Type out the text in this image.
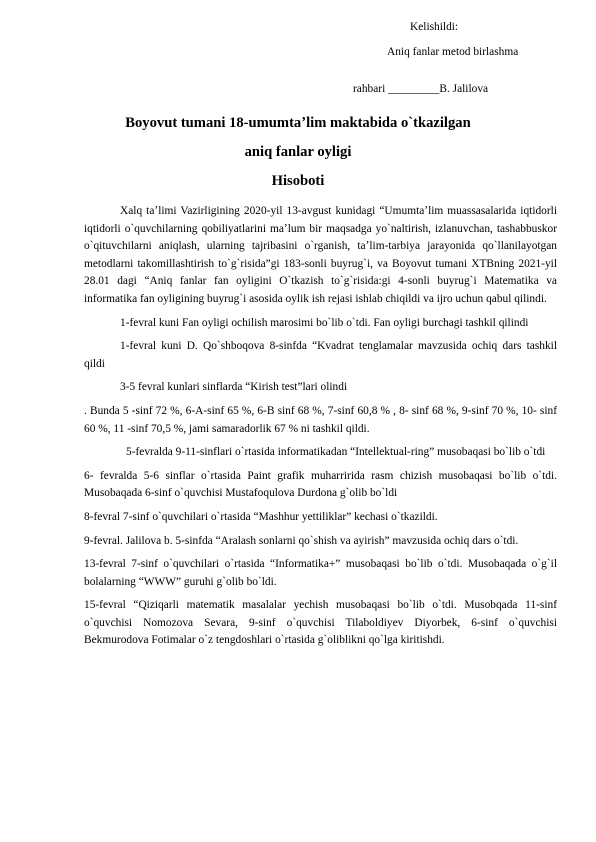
Kelishildi:
Aniq fanlar metod birlashma
rahbari _________B. Jalilova
Boyovut tumani 18-umumtaʼlim maktabida o`tkazilgan
aniq fanlar oyligi
Hisoboti

Xalq taʼlimi Vazirligining 2020-yil 13-avgust kunidagi “Umumtaʼlim muassasalarida iqtidorli iqtidorli o`quvchilarning qobiliyatlarini maʼlum bir maqsadga yo`naltirish, izlanuvchan, tashabbuskor o`qituvchilarni aniqlash, ularning tajribasini o`rganish, taʼlim-tarbiya jarayonida qo`llanilayotgan metodlarni takomillashtirish to`g`risida”gi 183-sonli buyrug`i, va Boyovut tumani XTBning 2021-yil 28.01 dagi “Aniq fanlar fan oyligini O`tkazish to`g`risida:gi 4-sonli buyrug`i Matematika va informatika fan oyligining buyrug`i asosida oylik ish rejasi ishlab chiqildi va ijro uchun qabul qilindi.

1-fevral kuni Fan oyligi ochilish marosimi bo`lib o`tdi. Fan oyligi burchagi tashkil qilindi

1-fevral kuni D. Qo`shboqova 8-sinfda “Kvadrat tenglamalar mavzusida ochiq dars tashkil qildi

3-5 fevral kunlari sinflarda “Kirish test”lari olindi

. Bunda 5 -sinf 72 %, 6-A-sinf 65 %, 6-B sinf 68 %, 7-sinf 60,8 % , 8- sinf 68 %, 9-sinf 70 %, 10- sinf 60 %, 11 -sinf 70,5 %, jami samaradorlik 67 % ni tashkil qildi.

5-fevralda 9-11-sinflari o`rtasida informatikadan “Intellektual-ring” musobaqasi bo`lib o`tdi

6- fevralda 5-6 sinflar o`rtasida Paint grafik muharririda rasm chizish musobaqasi bo`lib o`tdi. Musobaqada 6-sinf o`quvchisi Mustafoqulova Durdona g`olib bo`ldi

8-fevral 7-sinf o`quvchilari o`rtasida “Mashhur yettiliklar” kechasi o`tkazildi.

9-fevral. Jalilova b. 5-sinfda “Aralash sonlarni qo`shish va ayirish” mavzusida ochiq dars o`tdi.

13-fevral 7-sinf o`quvchilari o`rtasida “Informatika+” musobaqasi bo`lib o`tdi. Musobaqada o`g`il bolalarning “WWW” guruhi g`olib bo`ldi.

15-fevral “Qiziqarli matematik masalalar yechish musobaqasi bo`lib o`tdi. Musobqada 11-sinf o`quvchisi Nomozova Sevara, 9-sinf o`quvchisi Tilaboldiyev Diyorbek, 6-sinf o`quvchisi Bekmurodova Fotimalar o`z tengdoshlari o`rtasida g`oliblikni qo`lga kiritishdi.
